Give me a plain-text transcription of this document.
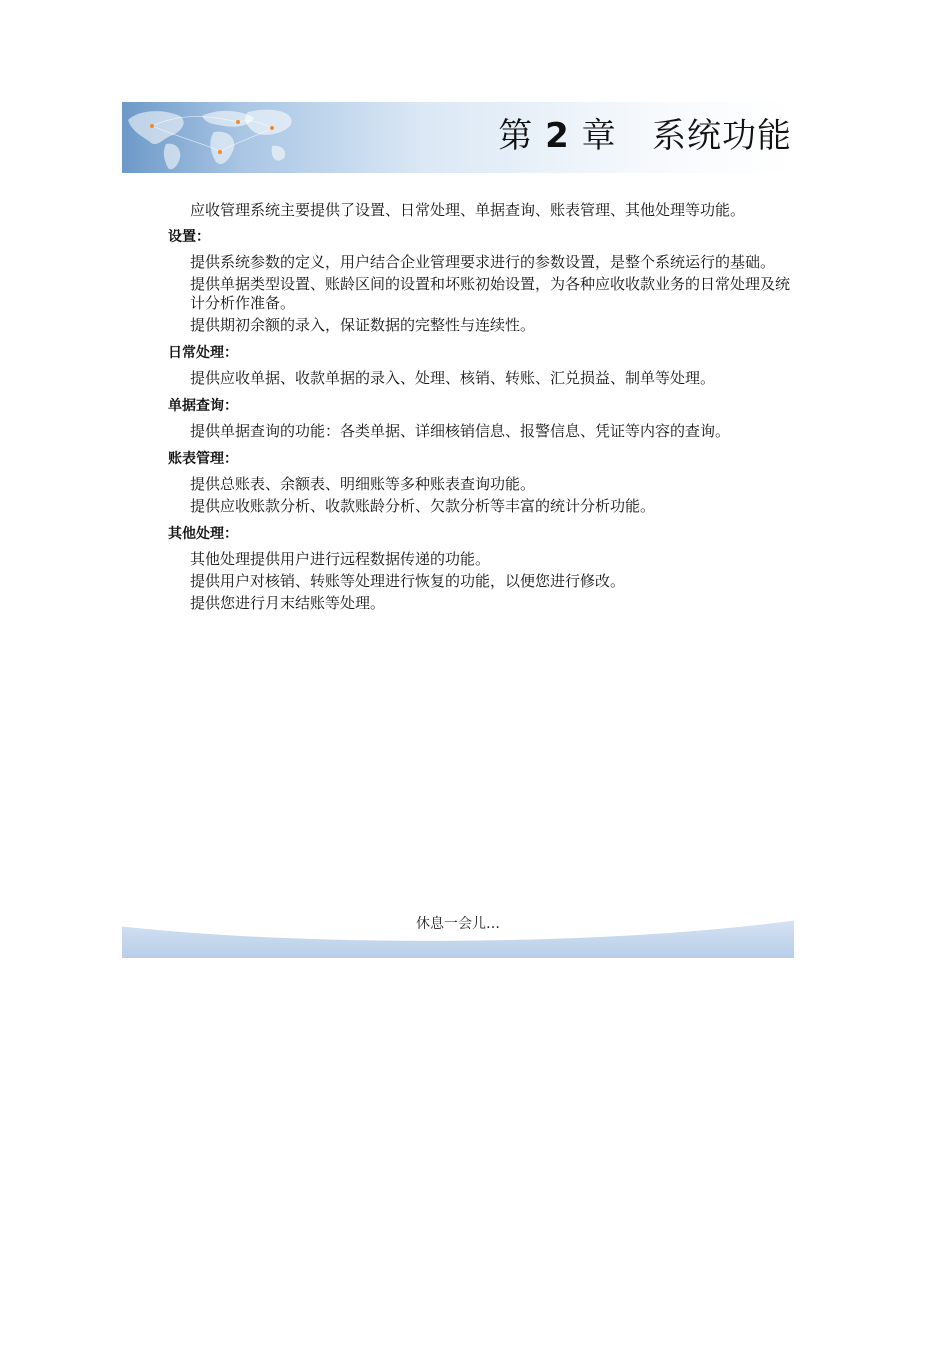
第 2 章 系统功能

应收管理系统主要提供了设置、日常处理、单据查询、账表管理、其他处理等功能。

设置：

提供系统参数的定义，用户结合企业管理要求进行的参数设置，是整个系统运行的基础。

提供单据类型设置、账龄区间的设置和坏账初始设置，为各种应收收款业务的日常处理及统计分析作准备。

提供期初余额的录入，保证数据的完整性与连续性。

日常处理：

提供应收单据、收款单据的录入、处理、核销、转账、汇兑损益、制单等处理。

单据查询：

提供单据查询的功能：各类单据、详细核销信息、报警信息、凭证等内容的查询。

账表管理：

提供总账表、余额表、明细账等多种账表查询功能。

提供应收账款分析、收款账龄分析、欠款分析等丰富的统计分析功能。

其他处理：

其他处理提供用户进行远程数据传递的功能。

提供用户对核销、转账等处理进行恢复的功能，以便您进行修改。

提供您进行月末结账等处理。

休息一会儿…
